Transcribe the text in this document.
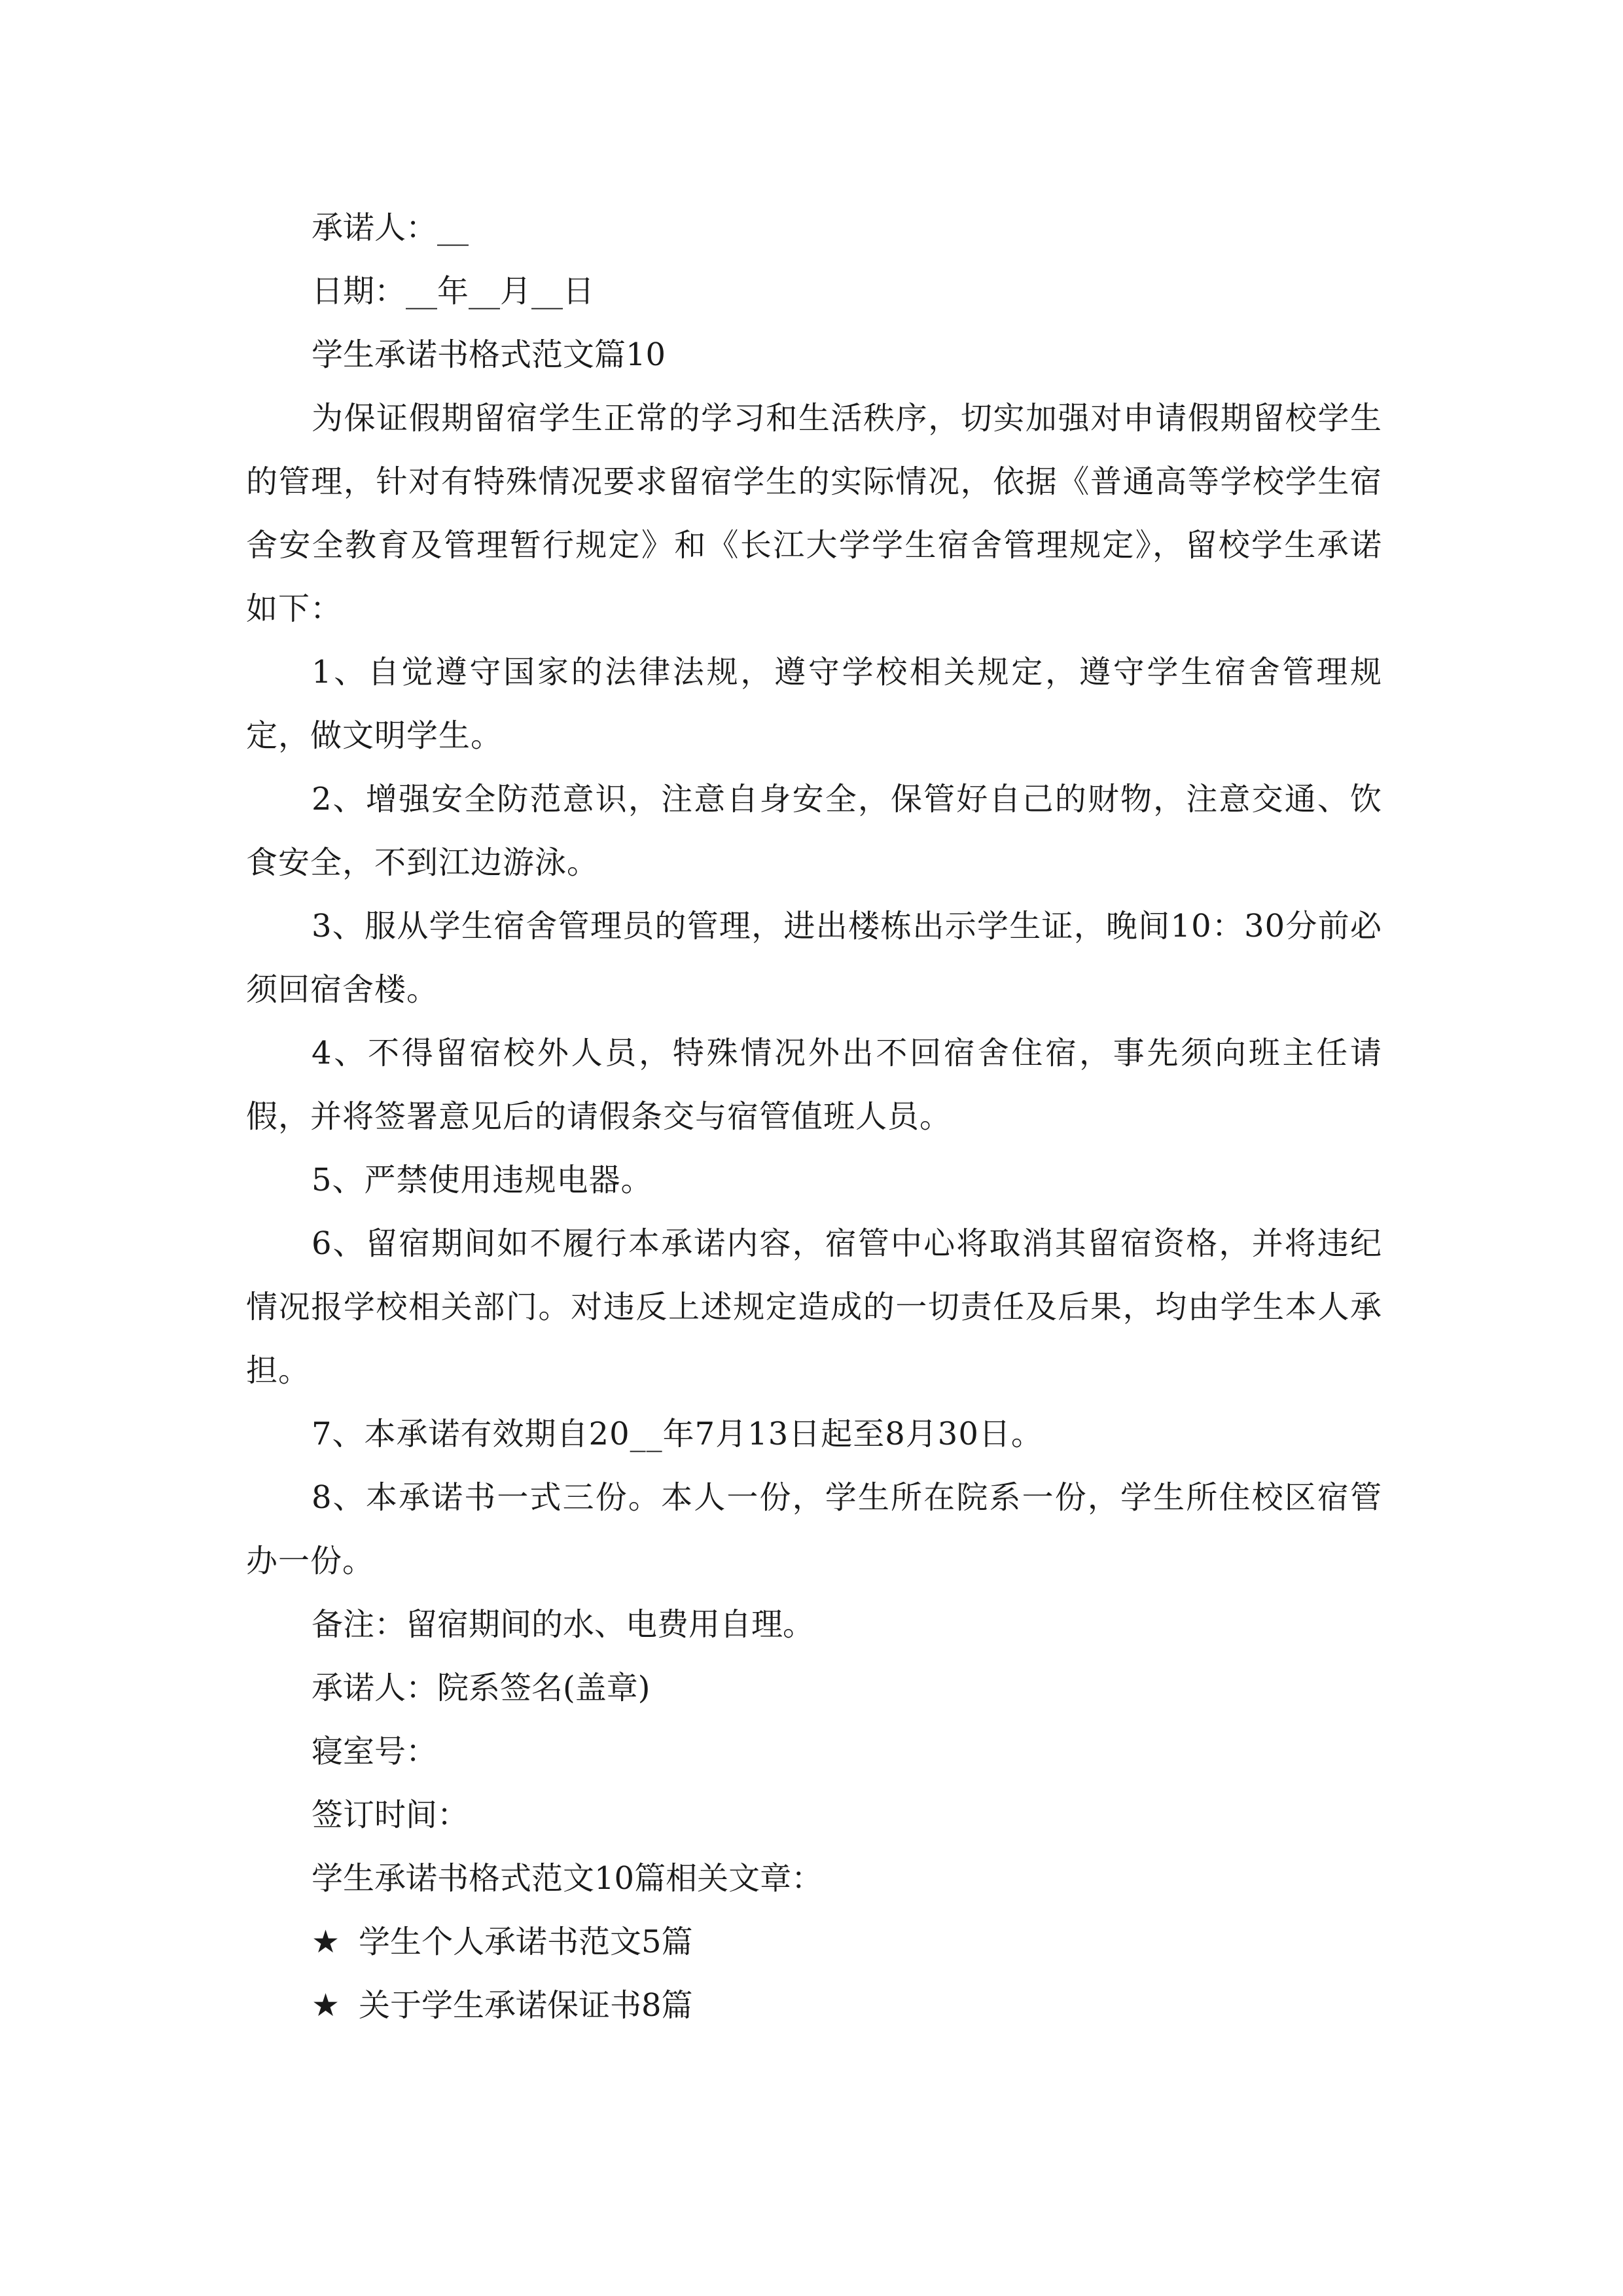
承诺人：__

日期：__年__月__日

学生承诺书格式范文篇10

为保证假期留宿学生正常的学习和生活秩序，切实加强对申请假期留校学生的管理，针对有特殊情况要求留宿学生的实际情况，依据《普通高等学校学生宿舍安全教育及管理暂行规定》和《长江大学学生宿舍管理规定》，留校学生承诺如下：

1、自觉遵守国家的法律法规，遵守学校相关规定，遵守学生宿舍管理规定，做文明学生。

2、增强安全防范意识，注意自身安全，保管好自己的财物，注意交通、饮食安全，不到江边游泳。

3、服从学生宿舍管理员的管理，进出楼栋出示学生证，晚间10：30分前必须回宿舍楼。

4、不得留宿校外人员，特殊情况外出不回宿舍住宿，事先须向班主任请假，并将签署意见后的请假条交与宿管值班人员。

5、严禁使用违规电器。

6、留宿期间如不履行本承诺内容，宿管中心将取消其留宿资格，并将违纪情况报学校相关部门。对违反上述规定造成的一切责任及后果，均由学生本人承担。

7、本承诺有效期自20__年7月13日起至8月30日。

8、本承诺书一式三份。本人一份，学生所在院系一份，学生所住校区宿管办一份。

备注：留宿期间的水、电费用自理。

承诺人：院系签名(盖章)

寝室号：

签订时间：

学生承诺书格式范文10篇相关文章：

★ 学生个人承诺书范文5篇

★ 关于学生承诺保证书8篇
